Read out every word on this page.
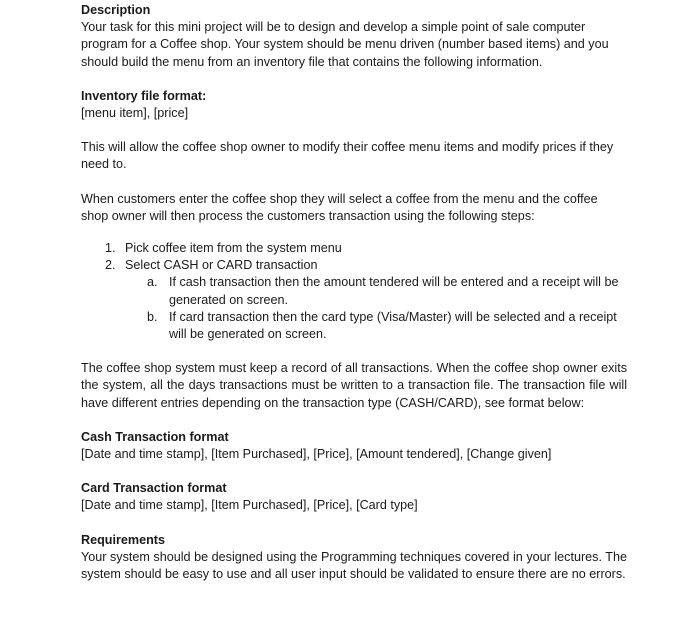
Description

Your task for this mini project will be to design and develop a simple point of sale computer program for a Coffee shop. Your system should be menu driven (number based items) and you should build the menu from an inventory file that contains the following information.

Inventory file format:

[menu item], [price]

This will allow the coffee shop owner to modify their coffee menu items and modify prices if they need to.

When customers enter the coffee shop they will select a coffee from the menu and the coffee shop owner will then process the customers transaction using the following steps:

1. Pick coffee item from the system menu
2. Select CASH or CARD transaction
a. If cash transaction then the amount tendered will be entered and a receipt will be generated on screen.
b. If card transaction then the card type (Visa/Master) will be selected and a receipt will be generated on screen.

The coffee shop system must keep a record of all transactions. When the coffee shop owner exits the system, all the days transactions must be written to a transaction file. The transaction file will have different entries depending on the transaction type (CASH/CARD), see format below:

Cash Transaction format

[Date and time stamp], [Item Purchased], [Price], [Amount tendered], [Change given]

Card Transaction format

[Date and time stamp], [Item Purchased], [Price], [Card type]

Requirements

Your system should be designed using the Programming techniques covered in your lectures. The system should be easy to use and all user input should be validated to ensure there are no errors.
